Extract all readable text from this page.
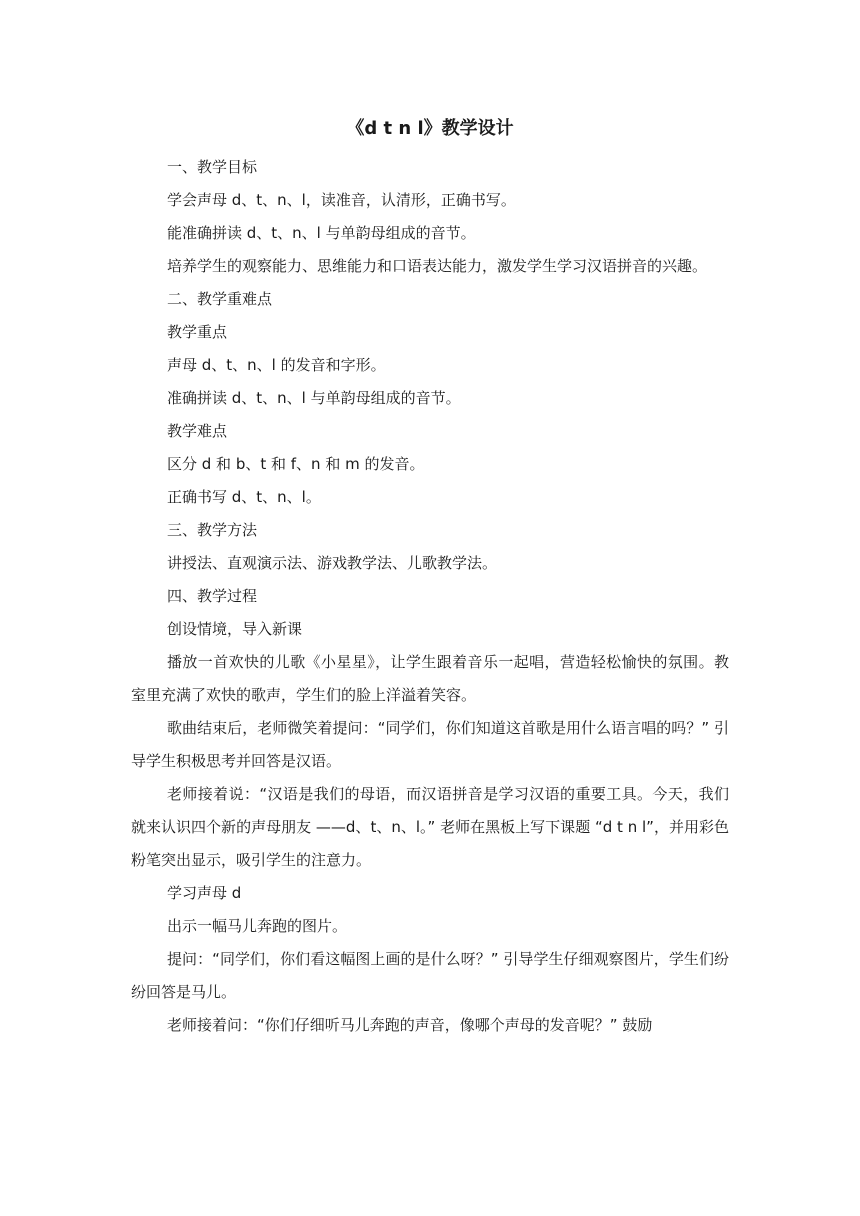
《d t n l》教学设计

一、教学目标

学会声母 d、t、n、l，读准音，认清形，正确书写。

能准确拼读 d、t、n、l 与单韵母组成的音节。

培养学生的观察能力、思维能力和口语表达能力，激发学生学习汉语拼音的兴趣。

二、教学重难点

教学重点

声母 d、t、n、l 的发音和字形。

准确拼读 d、t、n、l 与单韵母组成的音节。

教学难点

区分 d 和 b、t 和 f、n 和 m 的发音。

正确书写 d、t、n、l。

三、教学方法

讲授法、直观演示法、游戏教学法、儿歌教学法。

四、教学过程

创设情境，导入新课

播放一首欢快的儿歌《小星星》，让学生跟着音乐一起唱，营造轻松愉快的氛围。教室里充满了欢快的歌声，学生们的脸上洋溢着笑容。

歌曲结束后，老师微笑着提问：“同学们，你们知道这首歌是用什么语言唱的吗？” 引导学生积极思考并回答是汉语。

老师接着说：“汉语是我们的母语，而汉语拼音是学习汉语的重要工具。今天，我们就来认识四个新的声母朋友 ——d、t、n、l。” 老师在黑板上写下课题 “d t n l”，并用彩色粉笔突出显示，吸引学生的注意力。

学习声母 d

出示一幅马儿奔跑的图片。

提问：“同学们，你们看这幅图上画的是什么呀？” 引导学生仔细观察图片，学生们纷纷回答是马儿。

老师接着问：“你们仔细听马儿奔跑的声音，像哪个声母的发音呢？” 鼓励
